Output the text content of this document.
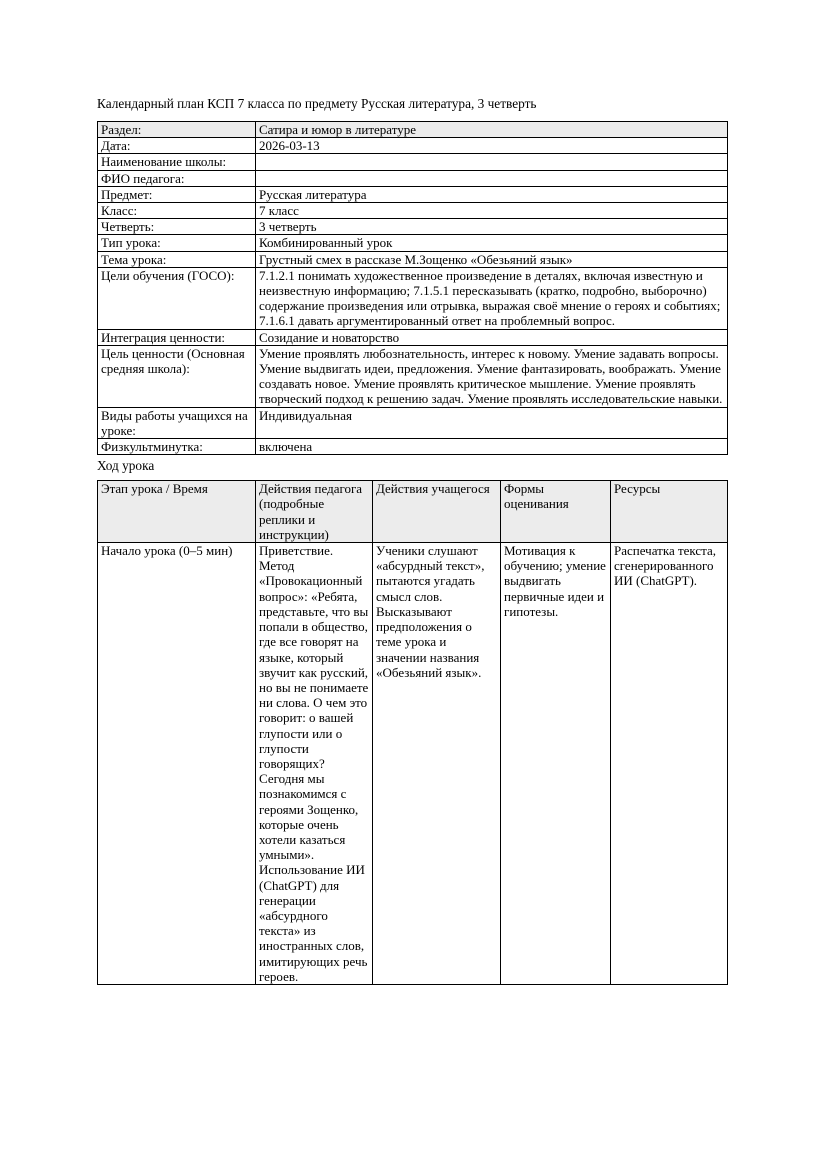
Календарный план КСП 7 класса по предмету Русская литература, 3 четверть

Раздел:	Сатира и юмор в литературе
Дата:	2026-03-13
Наименование школы:	
ФИО педагога:	
Предмет:	Русская литература
Класс:	7 класс
Четверть:	3 четверть
Тип урока:	Комбинированный урок
Тема урока:	Грустный смех в рассказе М.Зощенко «Обезьяний язык»
Цели обучения (ГОСО):	7.1.2.1 понимать художественное произведение в деталях, включая известную и неизвестную информацию; 7.1.5.1 пересказывать (кратко, подробно, выборочно) содержание произведения или отрывка, выражая своё мнение о героях и событиях; 7.1.6.1 давать аргументированный ответ на проблемный вопрос.
Интеграция ценности:	Созидание и новаторство
Цель ценности (Основная средняя школа):	Умение проявлять любознательность, интерес к новому. Умение задавать вопросы. Умение выдвигать идеи, предложения. Умение фантазировать, воображать. Умение создавать новое. Умение проявлять критическое мышление. Умение проявлять творческий подход к решению задач. Умение проявлять исследовательские навыки.
Виды работы учащихся на уроке:	Индивидуальная
Физкультминутка:	включена

Ход урока

Этап урока / Время	Действия педагога (подробные реплики и инструкции)	Действия учащегося	Формы оценивания	Ресурсы
Начало урока (0–5 мин)	Приветствие. Метод «Провокационный вопрос»: «Ребята, представьте, что вы попали в общество, где все говорят на языке, который звучит как русский, но вы не понимаете ни слова. О чем это говорит: о вашей глупости или о глупости говорящих? Сегодня мы познакомимся с героями Зощенко, которые очень хотели казаться умными». Использование ИИ (ChatGPT) для генерации «абсурдного текста» из иностранных слов, имитирующих речь героев.	Ученики слушают «абсурдный текст», пытаются угадать смысл слов. Высказывают предположения о теме урока и значении названия «Обезьяний язык».	Мотивация к обучению; умение выдвигать первичные идеи и гипотезы.	Распечатка текста, сгенерированного ИИ (ChatGPT).
